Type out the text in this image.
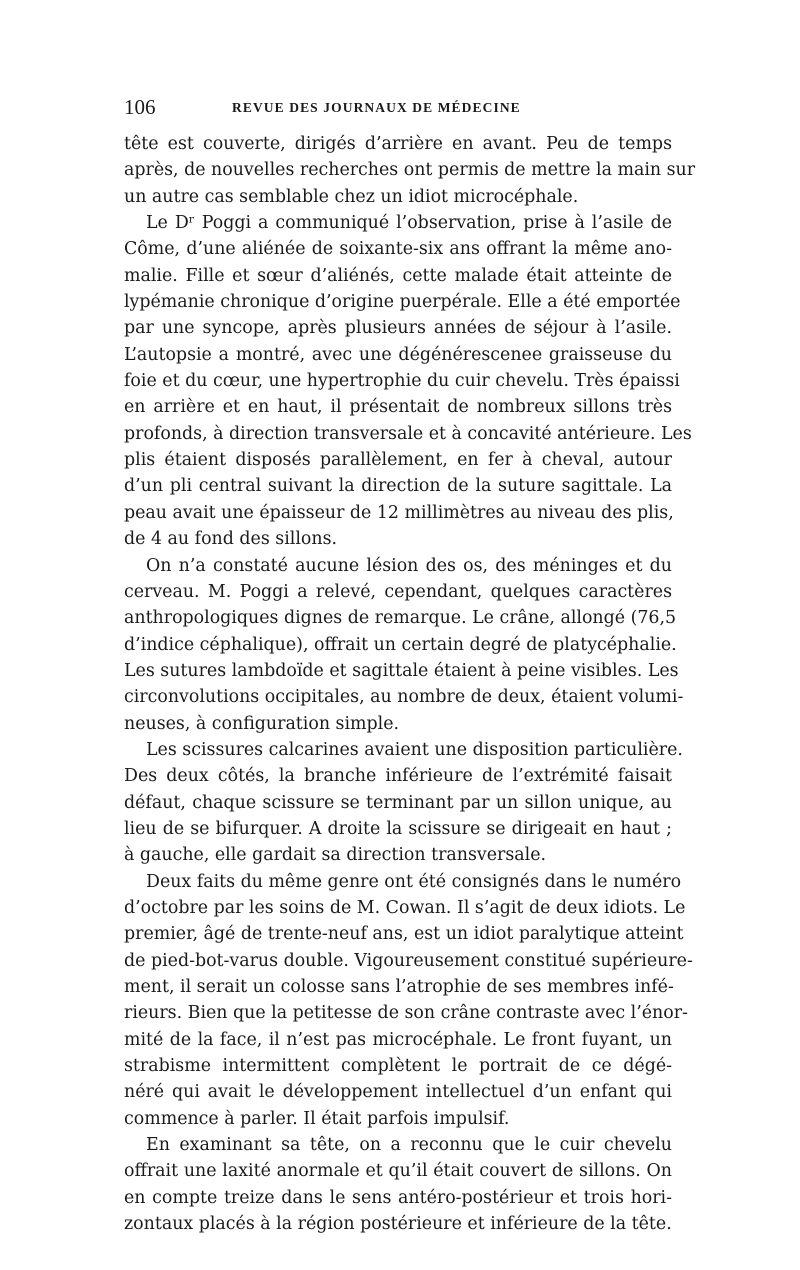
106	REVUE DES JOURNAUX DE MÉDECINE

tête est couverte, dirigés d’arrière en avant. Peu de temps
après, de nouvelles recherches ont permis de mettre la main sur
un autre cas semblable chez un idiot microcéphale.

Le Dʳ Poggi a communiqué l’observation, prise à l’asile de
Côme, d’une aliénée de soixante-six ans offrant la même ano-
malie. Fille et sœur d’aliénés, cette malade était atteinte de
lypémanie chronique d’origine puerpérale. Elle a été emportée
par une syncope, après plusieurs années de séjour à l’asile.
L’autopsie a montré, avec une dégénérescenee graisseuse du
foie et du cœur, une hypertrophie du cuir chevelu. Très épaissi
en arrière et en haut, il présentait de nombreux sillons très
profonds, à direction transversale et à concavité antérieure. Les
plis étaient disposés parallèlement, en fer à cheval, autour
d’un pli central suivant la direction de la suture sagittale. La
peau avait une épaisseur de 12 millimètres au niveau des plis,
de 4 au fond des sillons.

On n’a constaté aucune lésion des os, des méninges et du
cerveau. M. Poggi a relevé, cependant, quelques caractères
anthropologiques dignes de remarque. Le crâne, allongé (76,5
d’indice céphalique), offrait un certain degré de platycéphalie.
Les sutures lambdoïde et sagittale étaient à peine visibles. Les
circonvolutions occipitales, au nombre de deux, étaient volumi-
neuses, à configuration simple.

Les scissures calcarines avaient une disposition particulière.
Des deux côtés, la branche inférieure de l’extrémité faisait
défaut, chaque scissure se terminant par un sillon unique, au
lieu de se bifurquer. A droite la scissure se dirigeait en haut ;
à gauche, elle gardait sa direction transversale.

Deux faits du même genre ont été consignés dans le numéro
d’octobre par les soins de M. Cowan. Il s’agit de deux idiots. Le
premier, âgé de trente-neuf ans, est un idiot paralytique atteint
de pied-bot-varus double. Vigoureusement constitué supérieure-
ment, il serait un colosse sans l’atrophie de ses membres infé-
rieurs. Bien que la petitesse de son crâne contraste avec l’énor-
mité de la face, il n’est pas microcéphale. Le front fuyant, un
strabisme intermittent complètent le portrait de ce dégé-
néré qui avait le développement intellectuel d’un enfant qui
commence à parler. Il était parfois impulsif.

En examinant sa tête, on a reconnu que le cuir chevelu
offrait une laxité anormale et qu’il était couvert de sillons. On
en compte treize dans le sens antéro-postérieur et trois hori-
zontaux placés à la région postérieure et inférieure de la tête.
